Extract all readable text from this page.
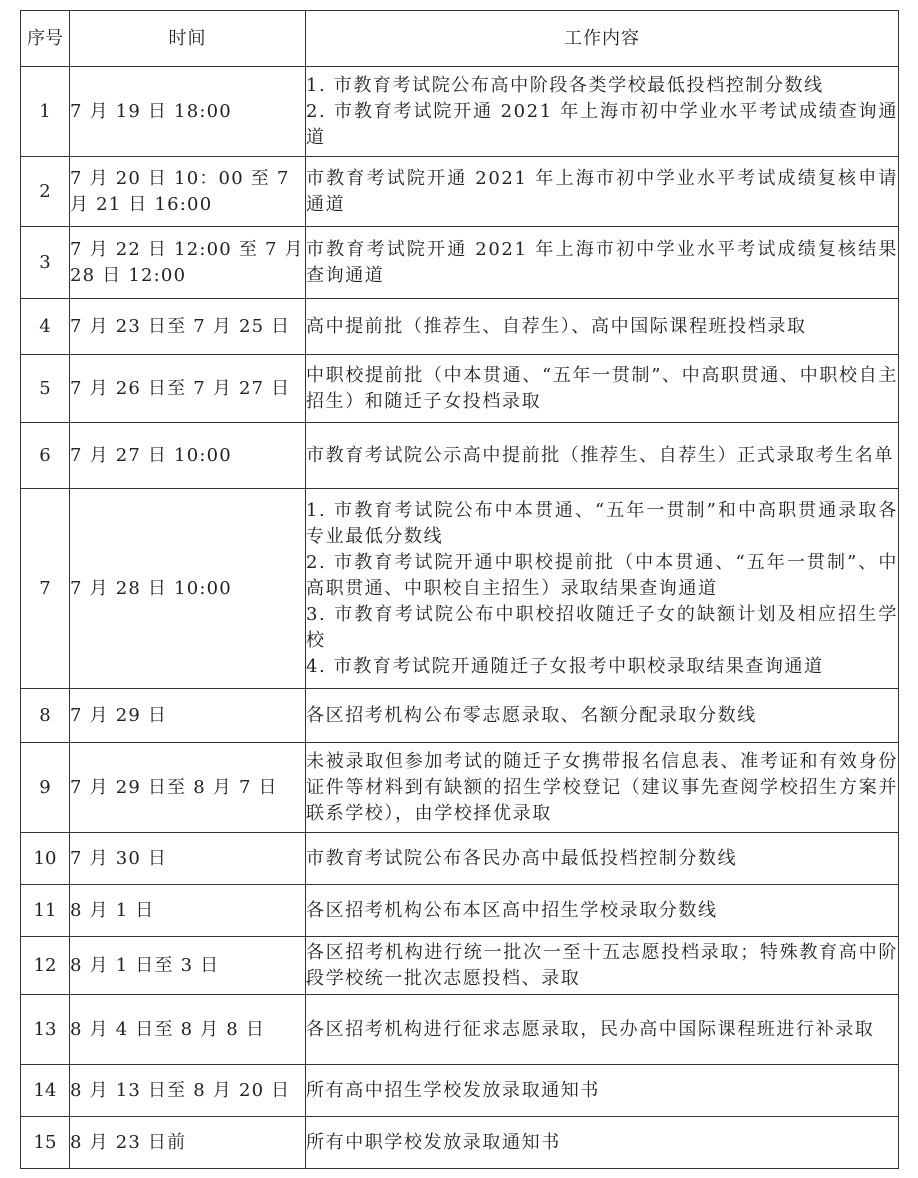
序号	时间	工作内容
1	7 月 19 日 18:00	1. 市教育考试院公布高中阶段各类学校最低投档控制分数线
2. 市教育考试院开通 2021 年上海市初中学业水平考试成绩查询通道

2	7 月 20 日 10：00 至 7 月 21 日 16:00	市教育考试院开通 2021 年上海市初中学业水平考试成绩复核申请通道

3	7 月 22 日 12:00 至 7 月 28 日 12:00	市教育考试院开通 2021 年上海市初中学业水平考试成绩复核结果查询通道

4	7 月 23 日至 7 月 25 日	高中提前批（推荐生、自荐生）、高中国际课程班投档录取

5	7 月 26 日至 7 月 27 日	中职校提前批（中本贯通、“五年一贯制”、中高职贯通、中职校自主招生）和随迁子女投档录取

6	7 月 27 日 10:00	市教育考试院公示高中提前批（推荐生、自荐生）正式录取考生名单

7	7 月 28 日 10:00	1. 市教育考试院公布中本贯通、“五年一贯制”和中高职贯通录取各专业最低分数线
2. 市教育考试院开通中职校提前批（中本贯通、“五年一贯制”、中高职贯通、中职校自主招生）录取结果查询通道
3. 市教育考试院公布中职校招收随迁子女的缺额计划及相应招生学校
4. 市教育考试院开通随迁子女报考中职校录取结果查询通道

8	7 月 29 日	各区招考机构公布零志愿录取、名额分配录取分数线

9	7 月 29 日至 8 月 7 日	未被录取但参加考试的随迁子女携带报名信息表、准考证和有效身份证件等材料到有缺额的招生学校登记（建议事先查阅学校招生方案并联系学校），由学校择优录取

10	7 月 30 日	市教育考试院公布各民办高中最低投档控制分数线

11	8 月 1 日	各区招考机构公布本区高中招生学校录取分数线

12	8 月 1 日至 3 日	各区招考机构进行统一批次一至十五志愿投档录取；特殊教育高中阶段学校统一批次志愿投档、录取

13	8 月 4 日至 8 月 8 日	各区招考机构进行征求志愿录取，民办高中国际课程班进行补录取

14	8 月 13 日至 8 月 20 日	所有高中招生学校发放录取通知书

15	8 月 23 日前	所有中职学校发放录取通知书
